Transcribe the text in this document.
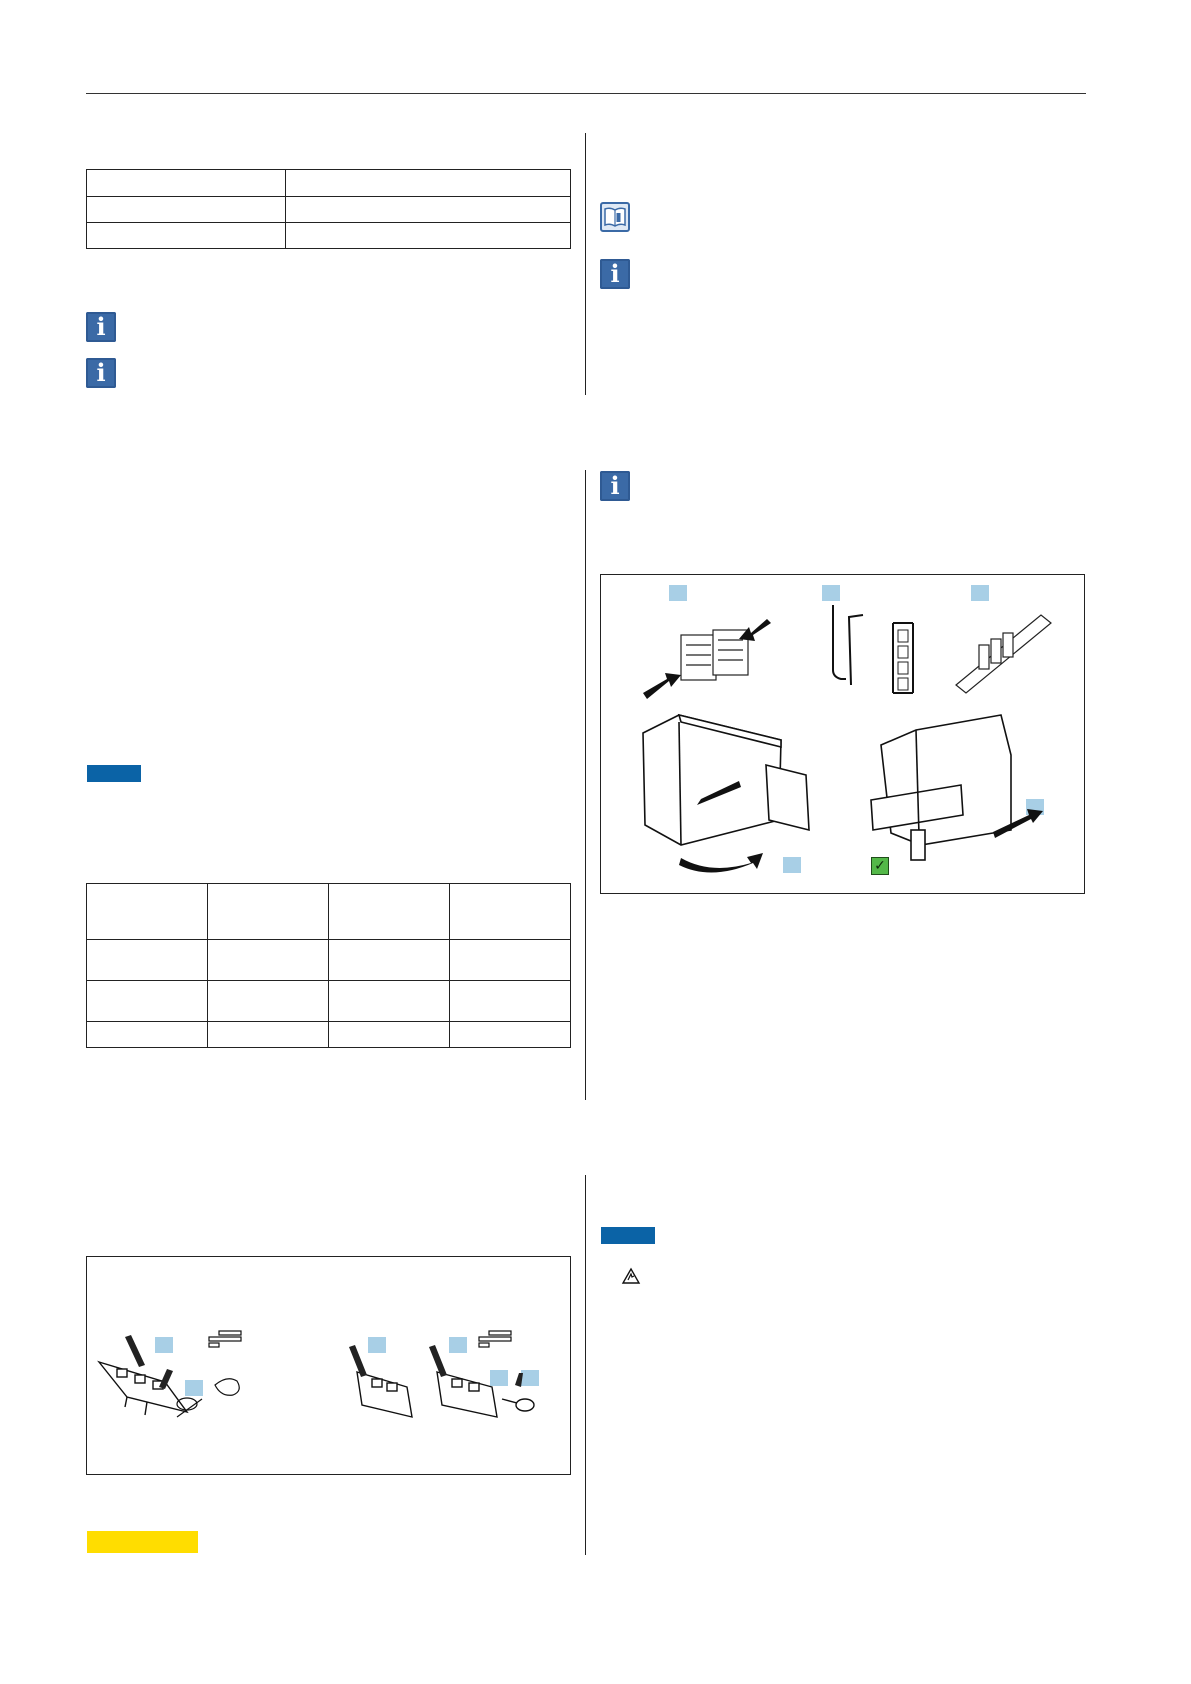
i
i
i
i

✓
